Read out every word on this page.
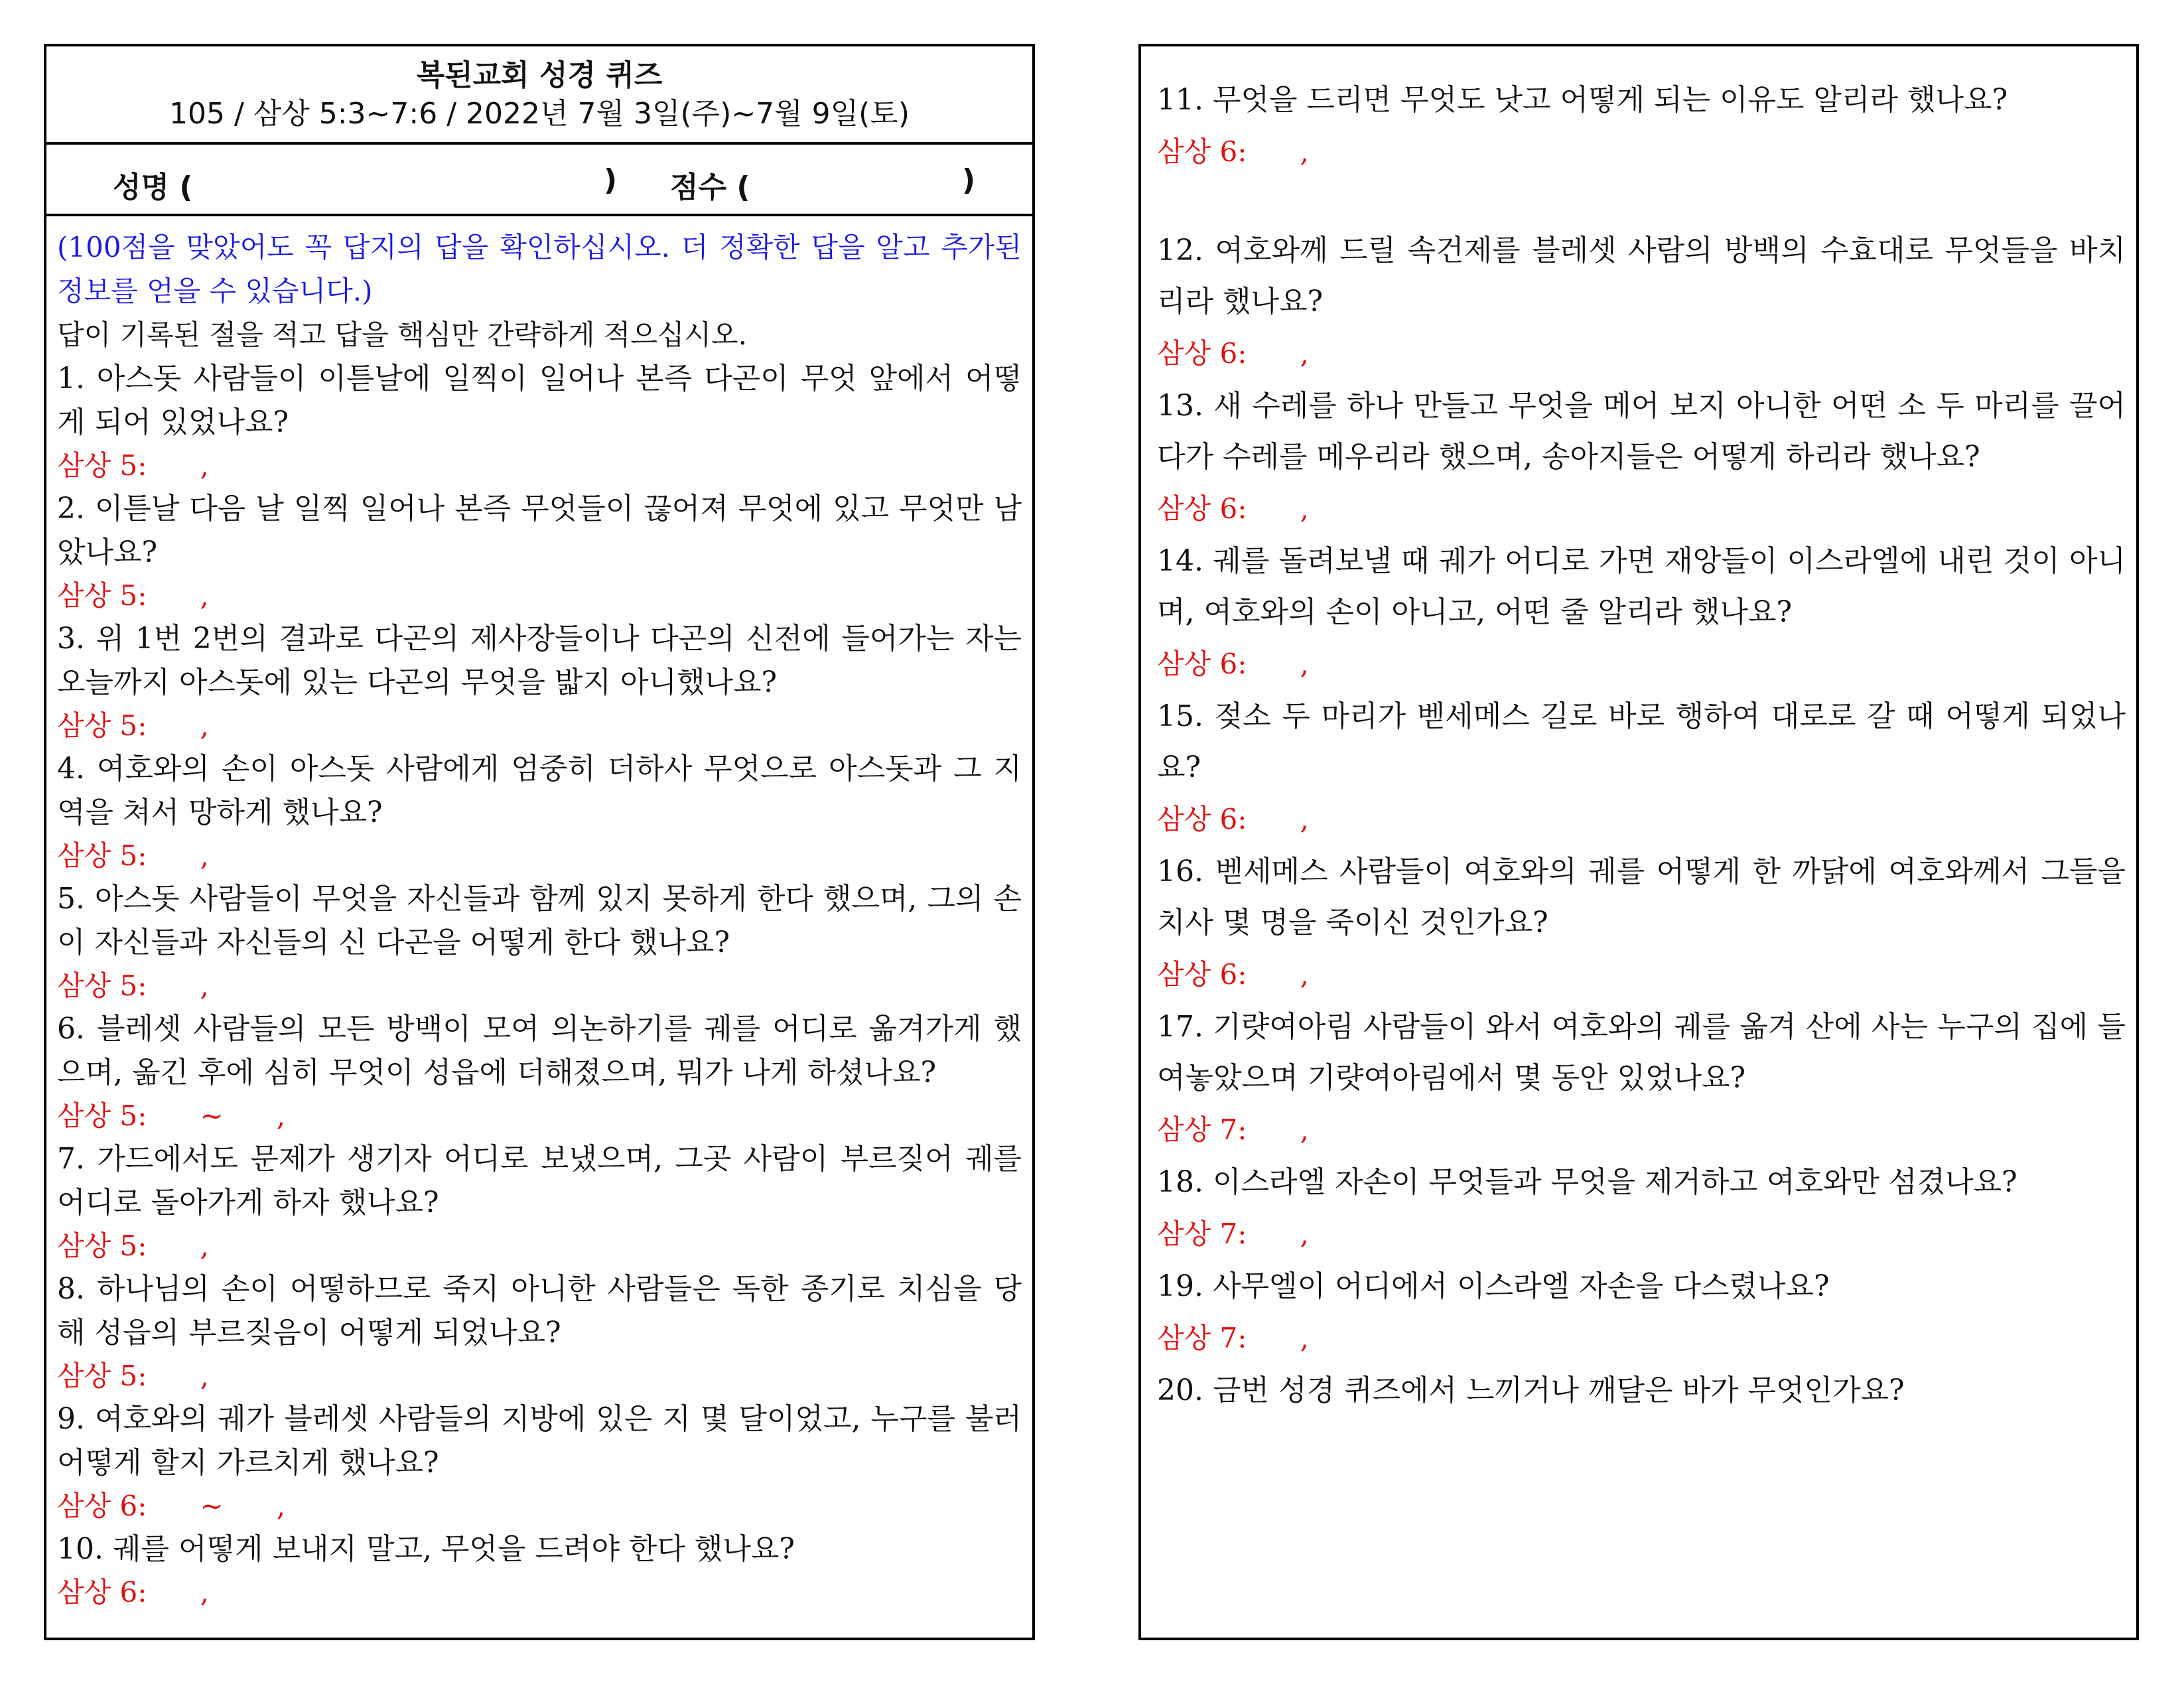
복된교회 성경 퀴즈
105 / 삼상 5:3~7:6 / 2022년 7월 3일(주)~7월 9일(토)
성명 (	) 점수 (	)
(100점을 맞았어도 꼭 답지의 답을 확인하십시오. 더 정확한 답을 알고 추가된 정보를 얻을 수 있습니다.)
답이 기록된 절을 적고 답을 핵심만 간략하게 적으십시오.
1. 아스돗 사람들이 이튿날에 일찍이 일어나 본즉 다곤이 무엇 앞에서 어떻게 되어 있었나요?
삼상 5:      ,
2. 이튿날 다음 날 일찍 일어나 본즉 무엇들이 끊어져 무엇에 있고 무엇만 남았나요?
삼상 5:      ,
3. 위 1번 2번의 결과로 다곤의 제사장들이나 다곤의 신전에 들어가는 자는 오늘까지 아스돗에 있는 다곤의 무엇을 밟지 아니했나요?
삼상 5:      ,
4. 여호와의 손이 아스돗 사람에게 엄중히 더하사 무엇으로 아스돗과 그 지역을 쳐서 망하게 했나요?
삼상 5:      ,
5. 아스돗 사람들이 무엇을 자신들과 함께 있지 못하게 한다 했으며, 그의 손이 자신들과 자신들의 신 다곤을 어떻게 한다 했나요?
삼상 5:      ,
6. 블레셋 사람들의 모든 방백이 모여 의논하기를 궤를 어디로 옮겨가게 했으며, 옮긴 후에 심히 무엇이 성읍에 더해졌으며, 뭐가 나게 하셨나요?
삼상 5:      ~      ,
7. 가드에서도 문제가 생기자 어디로 보냈으며, 그곳 사람이 부르짖어 궤를 어디로 돌아가게 하자 했나요?
삼상 5:      ,
8. 하나님의 손이 어떻하므로 죽지 아니한 사람들은 독한 종기로 치심을 당해 성읍의 부르짖음이 어떻게 되었나요?
삼상 5:      ,
9. 여호와의 궤가 블레셋 사람들의 지방에 있은 지 몇 달이었고, 누구를 불러 어떻게 할지 가르치게 했나요?
삼상 6:      ~      ,
10. 궤를 어떻게 보내지 말고, 무엇을 드려야 한다 했나요?
삼상 6:      ,
11. 무엇을 드리면 무엇도 낫고 어떻게 되는 이유도 알리라 했나요?
삼상 6:      ,
12. 여호와께 드릴 속건제를 블레셋 사람의 방백의 수효대로 무엇들을 바치리라 했나요?
삼상 6:      ,
13. 새 수레를 하나 만들고 무엇을 메어 보지 아니한 어떤 소 두 마리를 끌어다가 수레를 메우리라 했으며, 송아지들은 어떻게 하리라 했나요?
삼상 6:      ,
14. 궤를 돌려보낼 때 궤가 어디로 가면 재앙들이 이스라엘에 내린 것이 아니며, 여호와의 손이 아니고, 어떤 줄 알리라 했나요?
삼상 6:      ,
15. 젖소 두 마리가 벧세메스 길로 바로 행하여 대로로 갈 때 어떻게 되었나요?
삼상 6:      ,
16. 벧세메스 사람들이 여호와의 궤를 어떻게 한 까닭에 여호와께서 그들을 치사 몇 명을 죽이신 것인가요?
삼상 6:      ,
17. 기럇여아림 사람들이 와서 여호와의 궤를 옮겨 산에 사는 누구의 집에 들여놓았으며 기럇여아림에서 몇 동안 있었나요?
삼상 7:      ,
18. 이스라엘 자손이 무엇들과 무엇을 제거하고 여호와만 섬겼나요?
삼상 7:      ,
19. 사무엘이 어디에서 이스라엘 자손을 다스렸나요?
삼상 7:      ,
20. 금번 성경 퀴즈에서 느끼거나 깨달은 바가 무엇인가요?
